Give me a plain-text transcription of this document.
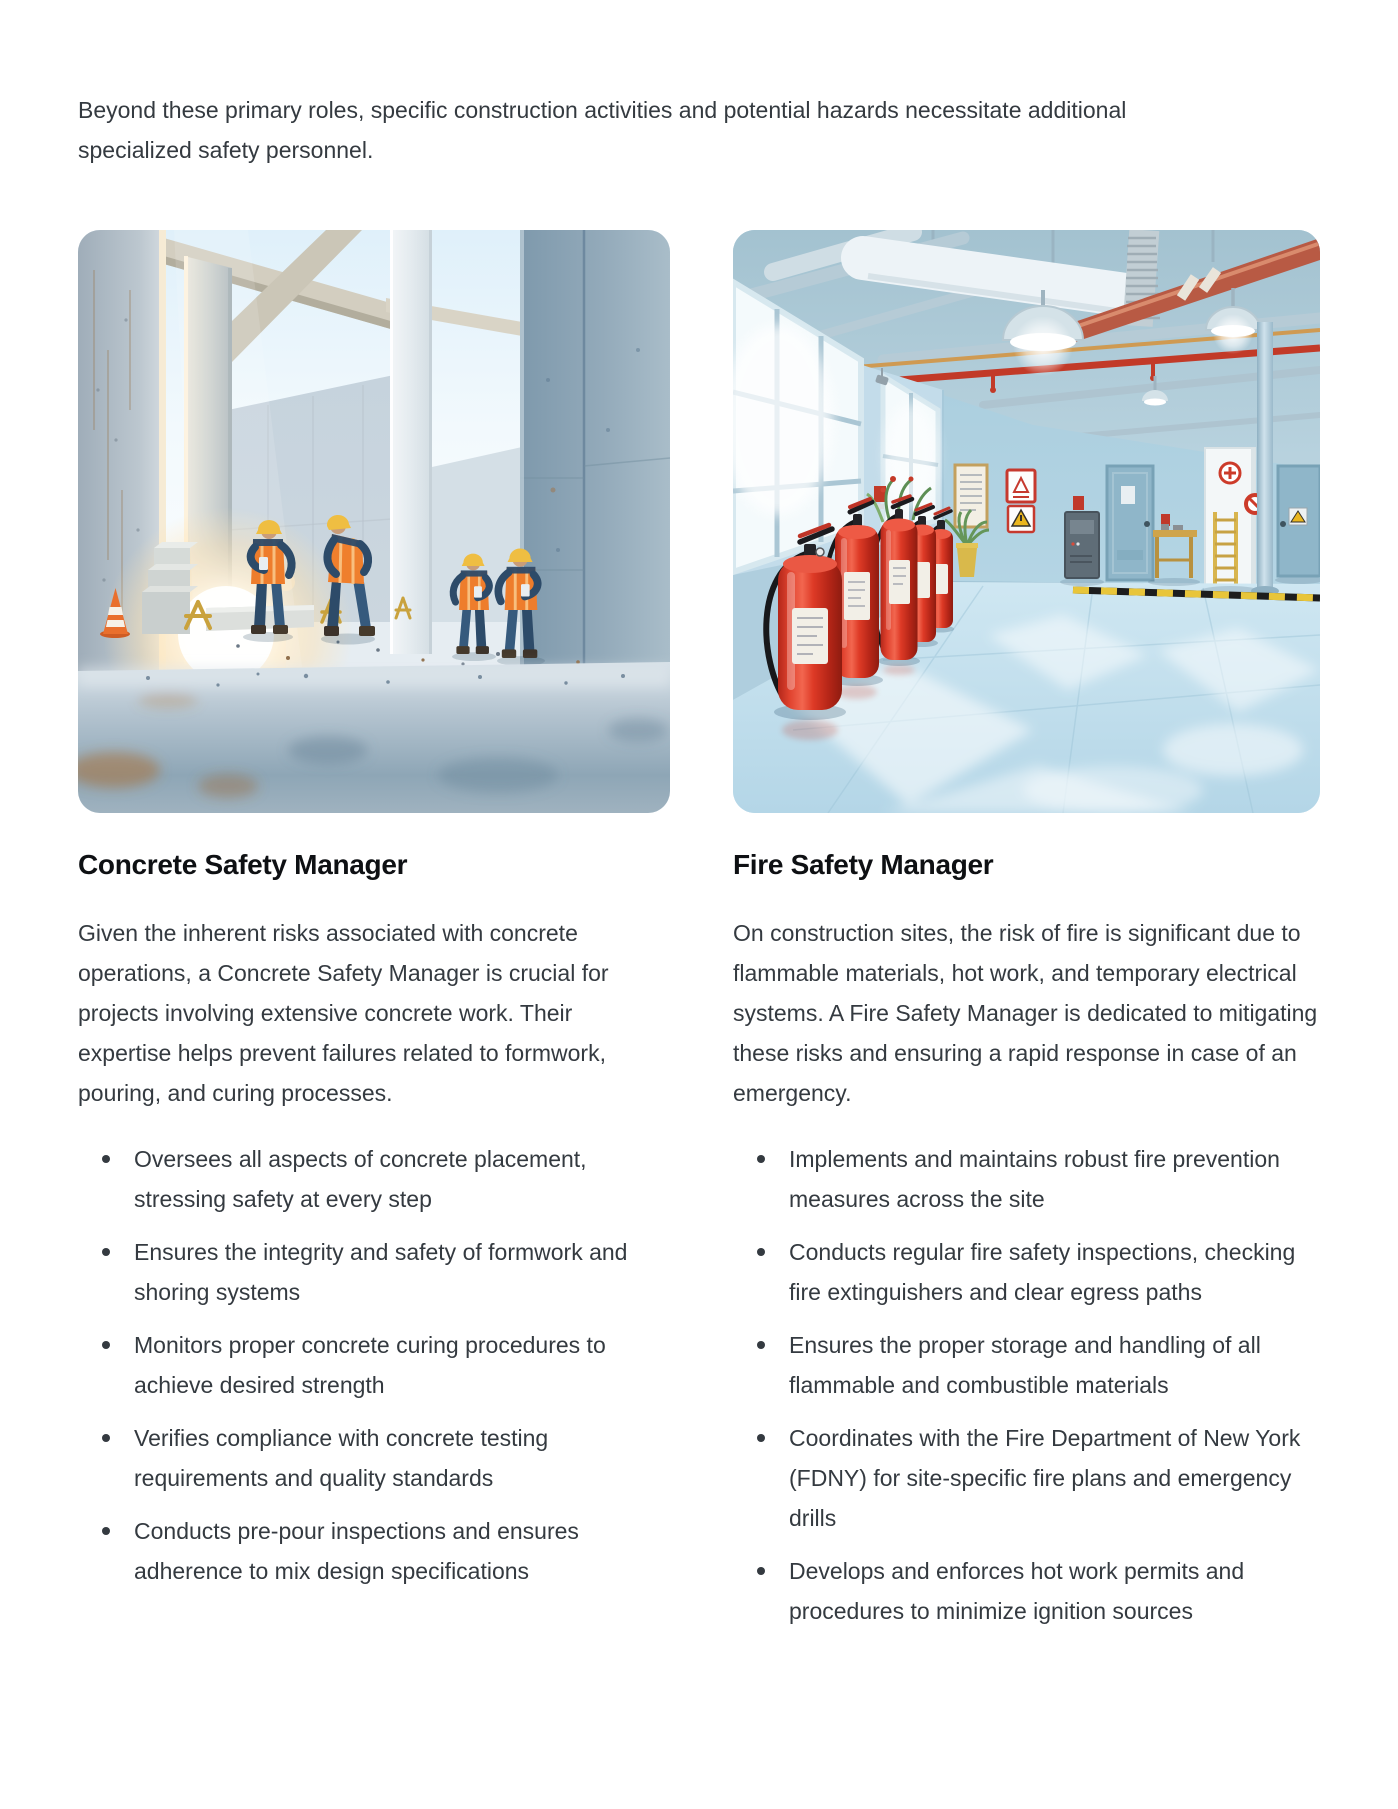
Beyond these primary roles, specific construction activities and potential hazards necessitate additional specialized safety personnel.

Concrete Safety Manager

Given the inherent risks associated with concrete operations, a Concrete Safety Manager is crucial for projects involving extensive concrete work. Their expertise helps prevent failures related to formwork, pouring, and curing processes.

Oversees all aspects of concrete placement, stressing safety at every step
Ensures the integrity and safety of formwork and shoring systems
Monitors proper concrete curing procedures to achieve desired strength
Verifies compliance with concrete testing requirements and quality standards
Conducts pre-pour inspections and ensures adherence to mix design specifications
Fire Safety Manager

On construction sites, the risk of fire is significant due to flammable materials, hot work, and temporary electrical systems. A Fire Safety Manager is dedicated to mitigating these risks and ensuring a rapid response in case of an emergency.

Implements and maintains robust fire prevention measures across the site
Conducts regular fire safety inspections, checking fire extinguishers and clear egress paths
Ensures the proper storage and handling of all flammable and combustible materials
Coordinates with the Fire Department of New York (FDNY) for site-specific fire plans and emergency drills
Develops and enforces hot work permits and procedures to minimize ignition sources
